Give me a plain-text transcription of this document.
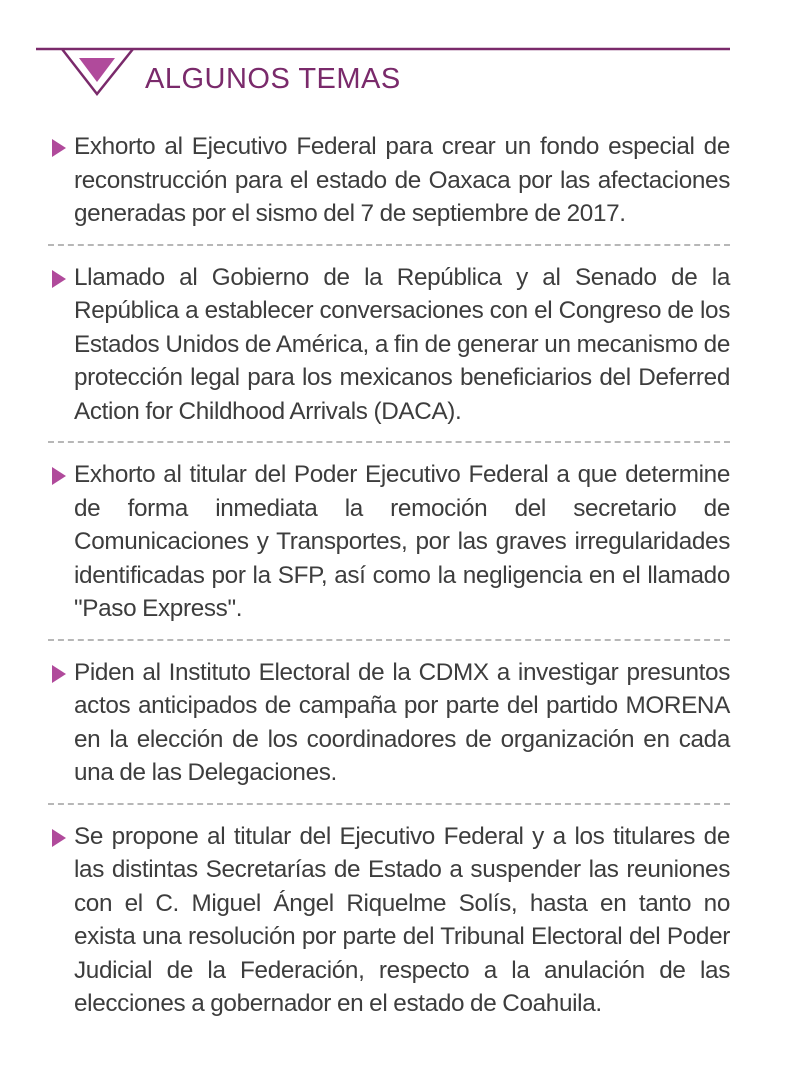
ALGUNOS TEMAS
Exhorto al Ejecutivo Federal para crear un fondo especial de reconstrucción para el estado de Oaxaca por las afectaciones generadas por el sismo del 7 de septiembre de 2017.
Llamado al Gobierno de la República y al Senado de la República a establecer conversaciones con el Congreso de los Estados Unidos de América, a fin de generar un mecanismo de protección legal para los mexicanos beneficiarios del Deferred Action for Childhood Arrivals (DACA).
Exhorto al titular del Poder Ejecutivo Federal a que determine de forma inmediata la remoción del secretario de Comunicaciones y Transportes, por las graves irregularidades identificadas por la SFP, así como la negligencia en el llamado "Paso Express".
Piden al Instituto Electoral de la CDMX a investigar presuntos actos anticipados de campaña por parte del partido MORENA en la elección de los coordinadores de organización en cada una de las Delegaciones.
Se propone al titular del Ejecutivo Federal y a los titulares de las distintas Secretarías de Estado a suspender las reuniones con el C. Miguel Ángel Riquelme Solís, hasta en tanto no exista una resolución por parte del Tribunal Electoral del Poder Judicial de la Federación, respecto a la anulación de las elecciones a gobernador en el estado de Coahuila.
